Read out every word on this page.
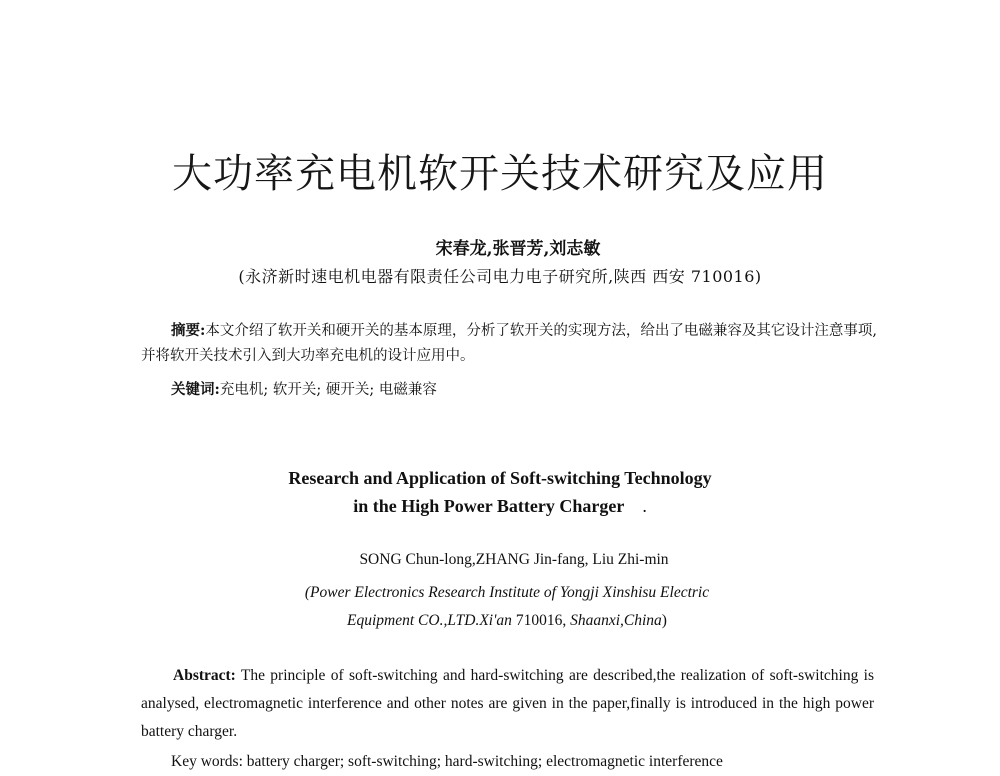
大功率充电机软开关技术研究及应用
宋春龙,张晋芳,刘志敏
(永济新时速电机电器有限责任公司电力电子研究所,陕西 西安 710016)

摘要:本文介绍了软开关和硬开关的基本原理，分析了软开关的实现方法，给出了电磁兼容及其它设计注意事项,并将软开关技术引入到大功率充电机的设计应用中。

关键词:充电机; 软开关; 硬开关; 电磁兼容

Research and Application of Soft-switching Technology
in the High Power Battery Charger .
SONG Chun-long,ZHANG Jin-fang, Liu Zhi-min
(Power Electronics Research Institute of Yongji Xinshisu Electric
Equipment CO.,LTD.Xi'an 710016, Shaanxi,China)

Abstract: The principle of soft-switching and hard-switching are described,the realization of soft-switching is analysed, electromagnetic interference and other notes are given in the paper,finally is introduced in the high power battery charger.

Key words: battery charger; soft-switching; hard-switching; electromagnetic interference
